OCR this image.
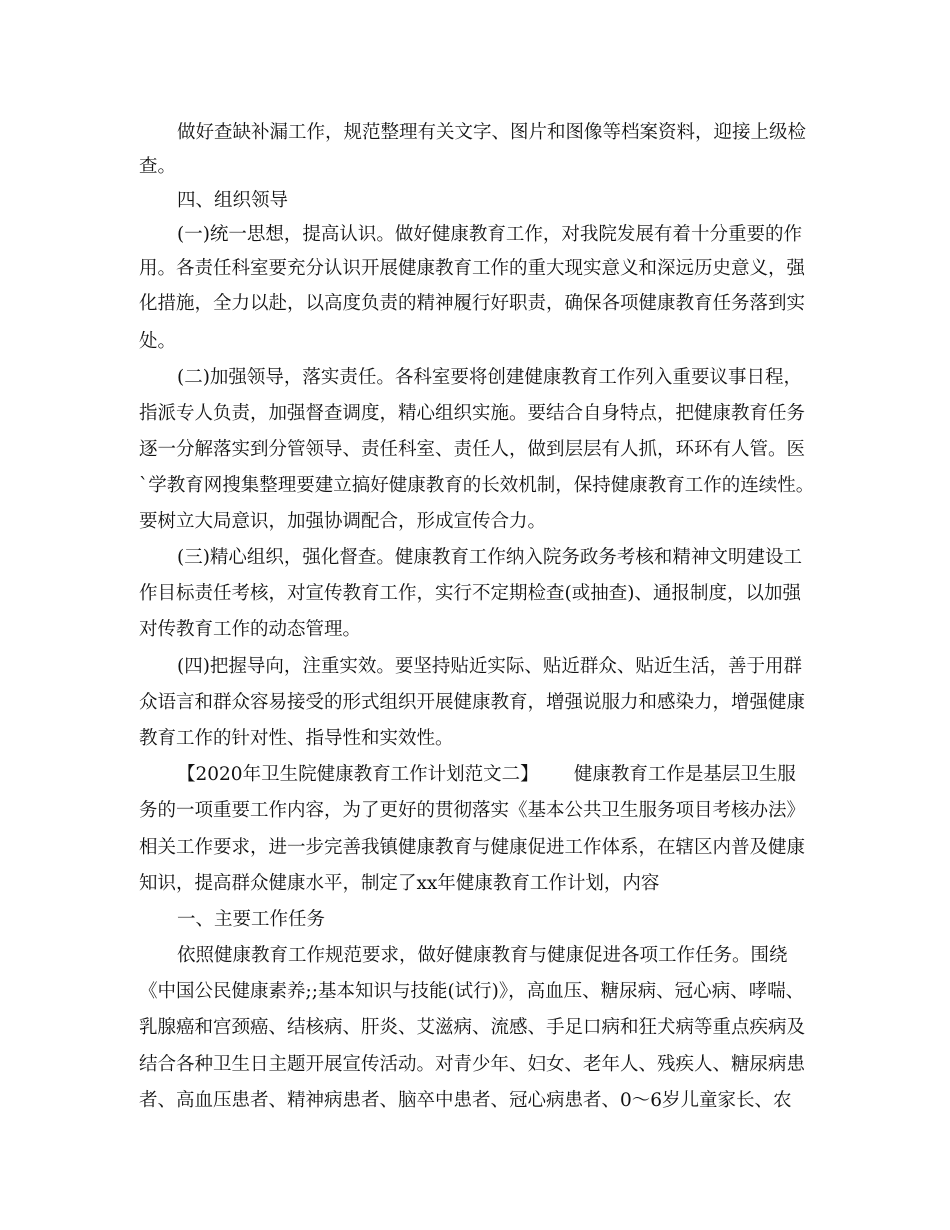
做好查缺补漏工作，规范整理有关文字、图片和图像等档案资料，迎接上级检
查。
四、组织领导
(一)统一思想，提高认识。做好健康教育工作，对我院发展有着十分重要的作
用。各责任科室要充分认识开展健康教育工作的重大现实意义和深远历史意义，强
化措施，全力以赴，以高度负责的精神履行好职责，确保各项健康教育任务落到实
处。
(二)加强领导，落实责任。各科室要将创建健康教育工作列入重要议事日程，
指派专人负责，加强督查调度，精心组织实施。要结合自身特点，把健康教育任务
逐一分解落实到分管领导、责任科室、责任人，做到层层有人抓，环环有人管。医
`学教育网搜集整理要建立搞好健康教育的长效机制，保持健康教育工作的连续性。
要树立大局意识，加强协调配合，形成宣传合力。
(三)精心组织，强化督查。健康教育工作纳入院务政务考核和精神文明建设工
作目标责任考核，对宣传教育工作，实行不定期检查(或抽查)、通报制度，以加强
对传教育工作的动态管理。
(四)把握导向，注重实效。要坚持贴近实际、贴近群众、贴近生活，善于用群
众语言和群众容易接受的形式组织开展健康教育，增强说服力和感染力，增强健康
教育工作的针对性、指导性和实效性。
【2020年卫生院健康教育工作计划范文二】      健康教育工作是基层卫生服
务的一项重要工作内容，为了更好的贯彻落实《基本公共卫生服务项目考核办法》
相关工作要求，进一步完善我镇健康教育与健康促进工作体系，在辖区内普及健康
知识，提高群众健康水平，制定了xx年健康教育工作计划，内容
一、主要工作任务
依照健康教育工作规范要求，做好健康教育与健康促进各项工作任务。围绕
《中国公民健康素养;;基本知识与技能(试行)》，高血压、糖尿病、冠心病、哮喘、
乳腺癌和宫颈癌、结核病、肝炎、艾滋病、流感、手足口病和狂犬病等重点疾病及
结合各种卫生日主题开展宣传活动。对青少年、妇女、老年人、残疾人、糖尿病患
者、高血压患者、精神病患者、脑卒中患者、冠心病患者、0～6岁儿童家长、农
